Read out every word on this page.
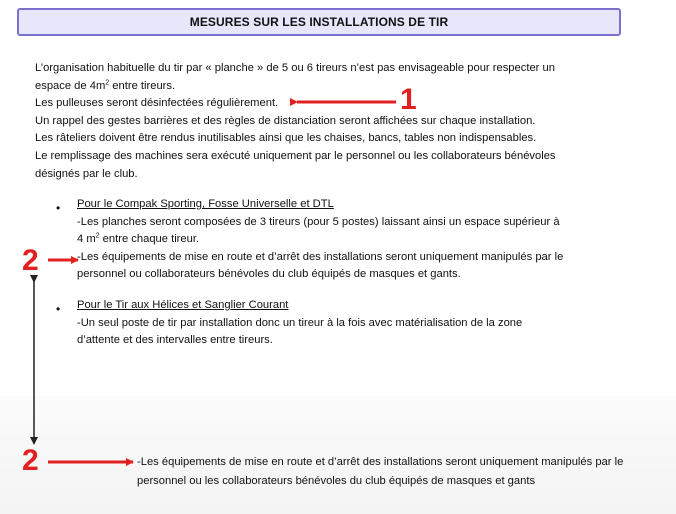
MESURES SUR LES INSTALLATIONS DE TIR
L’organisation habituelle du tir par « planche » de 5 ou 6 tireurs n’est pas envisageable pour respecter un
espace de $4m^2$ entre tireurs.
Les pulleuses seront désinfectées régulièrement.
Un rappel des gestes barrières et des règles de distanciation seront affichées sur chaque installation.
Les râteliers doivent être rendus inutilisables ainsi que les chaises, bancs, tables non indispensables.
Le remplissage des machines sera exécuté uniquement par le personnel ou les collaborateurs bénévoles
désignés par le club.
• Pour le Compak Sporting, Fosse Universelle et DTL
-Les planches seront composées de 3 tireurs (pour 5 postes) laissant ainsi un espace supérieur à
4 $m^2$ entre chaque tireur.
-Les équipements de mise en route et d’arrêt des installations seront uniquement manipulés par le
personnel ou collaborateurs bénévoles du club équipés de masques et gants.
• Pour le Tir aux Hélices et Sanglier Courant
-Un seul poste de tir par installation donc un tireur à la fois avec matérialisation de la zone
d’attente et des intervalles entre tireurs.
-Les équipements de mise en route et d’arrêt des installations seront uniquement manipulés par le
personnel ou les collaborateurs bénévoles du club équipés de masques et gants
1
2
2
